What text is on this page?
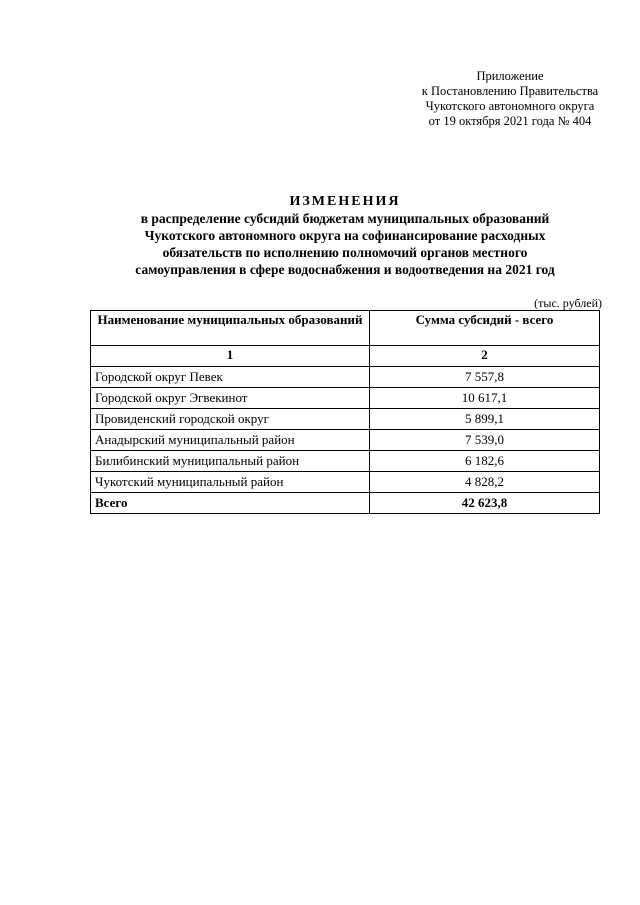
Приложение
к Постановлению Правительства
Чукотского автономного округа
от 19 октября 2021 года № 404
ИЗМЕНЕНИЯ
в распределение субсидий бюджетам муниципальных образований
Чукотского автономного округа на софинансирование расходных
обязательств по исполнению полномочий органов местного
самоуправления в сфере водоснабжения и водоотведения на 2021 год
(тыс. рублей)
Наименование муниципальных образований	Сумма субсидий - всего
1	2
Городской округ Певек	7 557,8
Городской округ Эгвекинот	10 617,1
Провиденский городской округ	5 899,1
Анадырский муниципальный район	7 539,0
Билибинский муниципальный район	6 182,6
Чукотский муниципальный район	4 828,2
Всего	42 623,8
